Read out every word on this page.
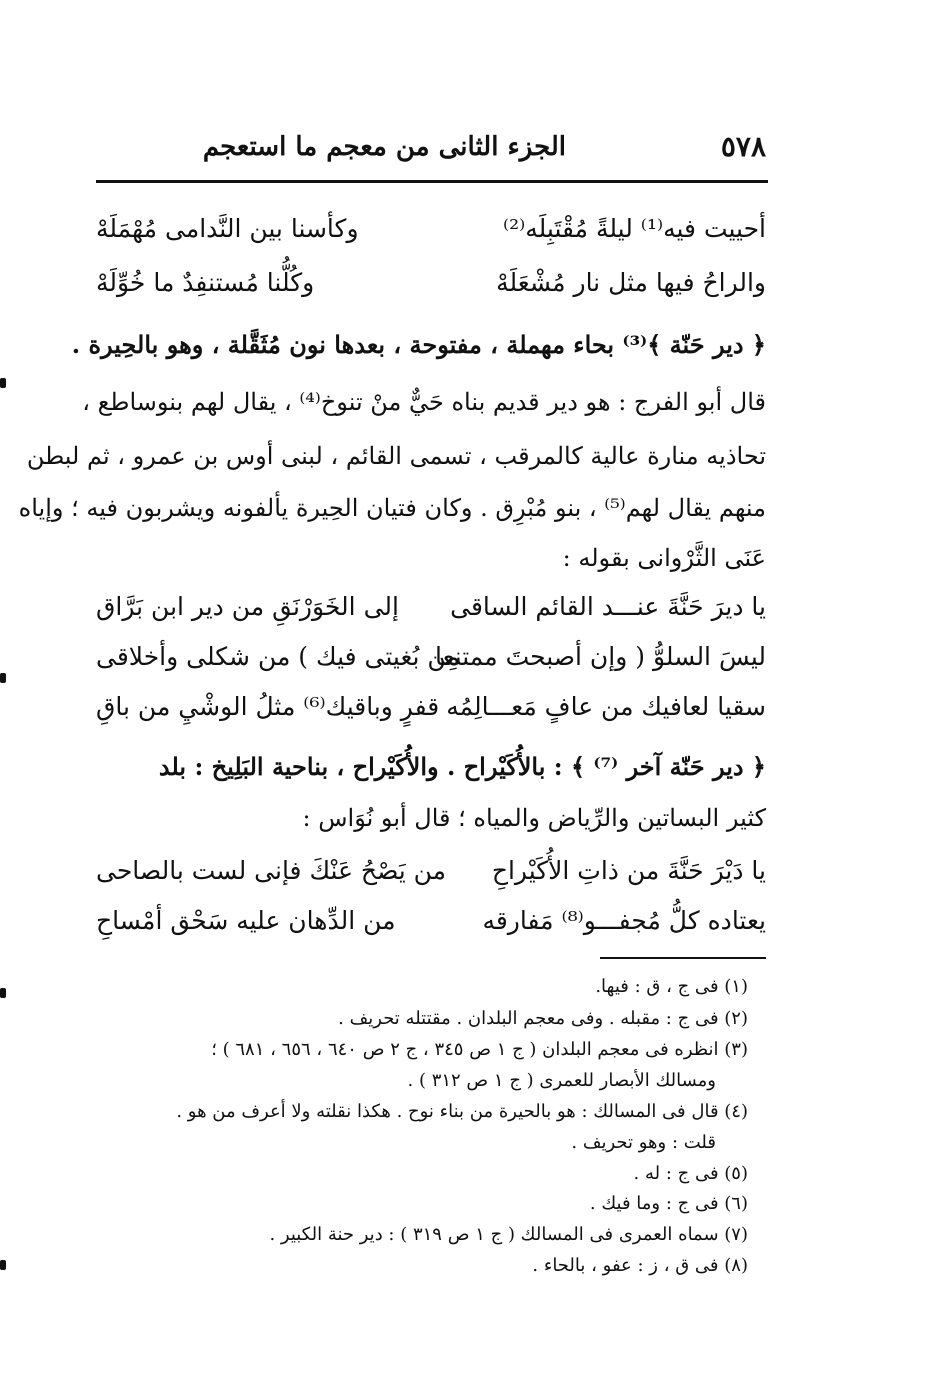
٥٧٨
الجزء الثانى من معجم ما استعجم
أحييت فيه⁽¹⁾ ليلةً مُقْتَبِلَه⁽²⁾
وكأسنا بين النَّدامى مُهْمَلَهْ
والراحُ فيها مثل نار مُشْعَلَهْ
وكُلُّنا مُستنفِدٌ ما خُوِّلَهْ
﴿ دير حَنّة ﴾⁽³⁾ بحاء مهملة ، مفتوحة ، بعدها نون مُثَقَّلة ، وهو بالحِيرة .
قال أبو الفرج : هو دير قديم بناه حَيٌّ منْ تنوخ⁽⁴⁾ ، يقال لهم بنوساطع ،
تحاذيه منارة عالية كالمرقب ، تسمى القائم ، لبنى أوس بن عمرو ، ثم لبطن
منهم يقال لهم⁽⁵⁾ ، بنو مُبْرِق . وكان فتيان الحِيرة يألفونه ويشربون فيه ؛ وإياه
عَنَى الثَّرْوانى بقوله :
يا ديرَ حَنَّةَ عنـــد القائم الساقى
إلى الخَوَرْنَقِ من دير ابن بَرَّاق
ليسَ السلوُّ ( وإن أصبحتَ ممتنعا
مِن بُغيتى فيك ) من شكلى وأخلاقى
سقيا لعافيك من عافٍ مَعـــالِمُه
قفرٍ وباقيك⁽⁶⁾ مثلُ الوشْيِ من باقِ
﴿ دير حَنّة آخر ⁽⁷⁾ ﴾ : بالأُكَيْراح . والأُكَيْراح ، بناحية البَلِيخ : بلد
كثير البساتين والرِّياض والمياه ؛ قال أبو نُوَاس :
يا دَيْرَ حَنَّةَ من ذاتِ الأُكَيْراحِ
من يَصْحُ عَنْكَ فإنى لست بالصاحى
يعتاده كلُّ مُجفـــو⁽⁸⁾ مَفارقه
من الدِّهان عليه سَحْق أمْساحِ
(١) فى ج ، ق : فيها.
(٢) فى ج : مقبله . وفى معجم البلدان . مقتتله تحريف .
(٣) انظره فى معجم البلدان ( ج ١ ص ٣٤٥ ، ج ٢ ص ٦٤٠ ، ٦٥٦ ، ٦٨١ ) ؛
ومسالك الأبصار للعمرى ( ج ١ ص ٣١٢ ) .
(٤) قال فى المسالك : هو بالحيرة من بناء نوح . هكذا نقلته ولا أعرف من هو .
قلت : وهو تحريف .
(٥) فى ج : له .
(٦) فى ج : وما فيك .
(٧) سماه العمرى فى المسالك ( ج ١ ص ٣١٩ ) : دير حنة الكبير .
(٨) فى ق ، ز : عفو ، بالحاء .
